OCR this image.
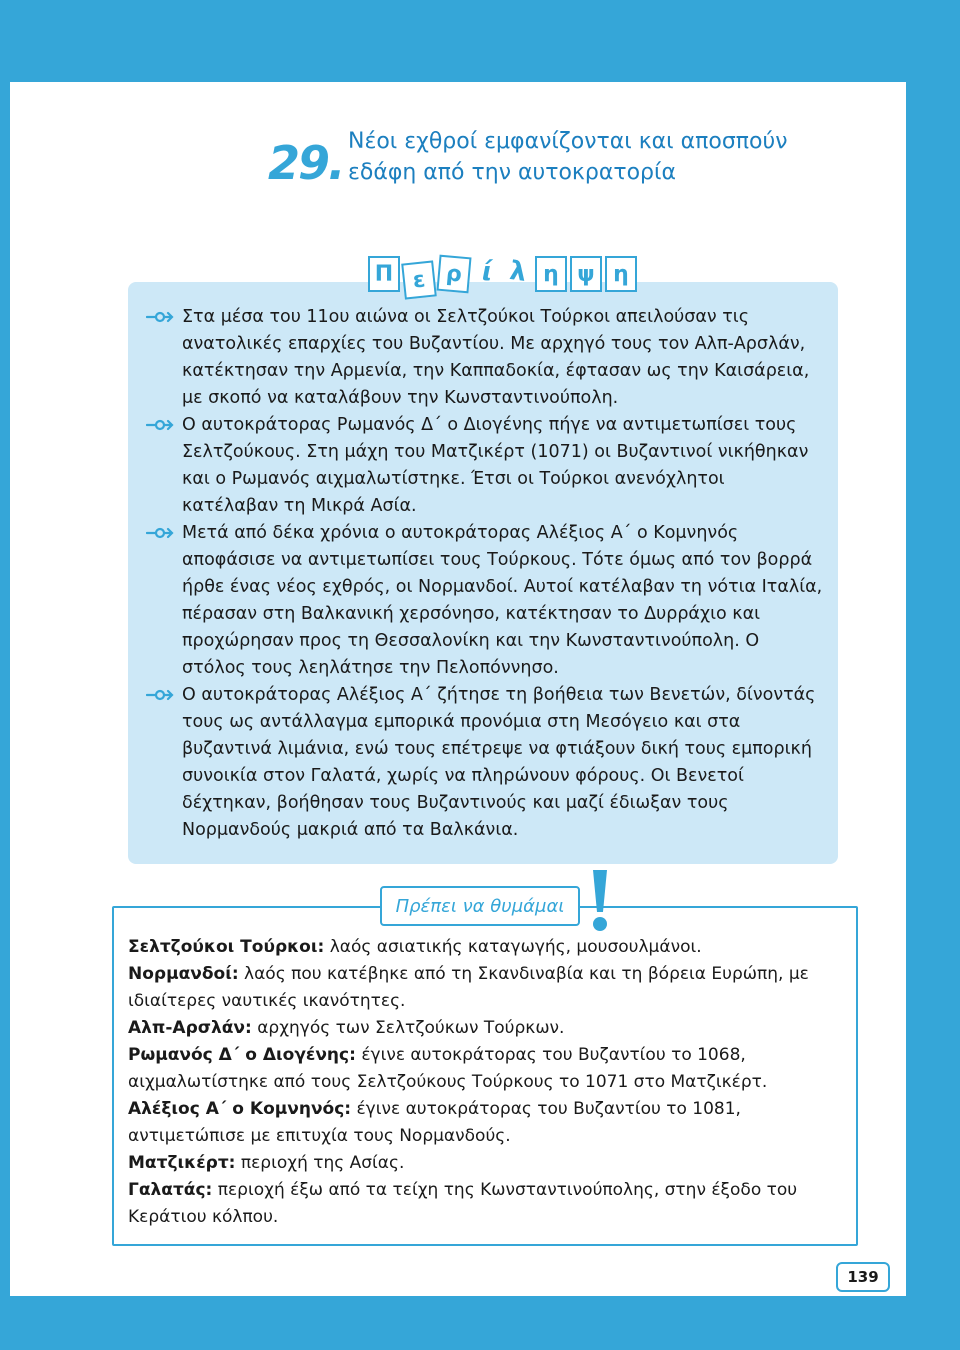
29. Νέοι εχθροί εμφανίζονται και αποσπούν
εδάφη από την αυτοκρατορία
Π ε ρ ί λ η ψ η
Στα μέσα του 11ου αιώνα οι Σελτζούκοι Τούρκοι απειλούσαν τις ανατολικές επαρχίες του Βυζαντίου. Με αρχηγό τους τον Αλπ-Αρσλάν, κατέκτησαν την Αρμενία, την Καππαδοκία, έφτασαν ως την Καισάρεια, με σκοπό να καταλάβουν την Κωνσταντινούπολη.
Ο αυτοκράτορας Ρωμανός Δ΄ ο Διογένης πήγε να αντιμετωπίσει τους Σελτζούκους. Στη μάχη του Ματζικέρτ (1071) οι Βυζαντινοί νικήθηκαν και ο Ρωμανός αιχμαλωτίστηκε. Έτσι οι Τούρκοι ανενόχλητοι κατέλαβαν τη Μικρά Ασία.
Μετά από δέκα χρόνια ο αυτοκράτορας Αλέξιος Α΄ ο Κομνηνός αποφάσισε να αντιμετωπίσει τους Τούρκους. Τότε όμως από τον βορρά ήρθε ένας νέος εχθρός, οι Νορμανδοί. Αυτοί κατέλαβαν τη νότια Ιταλία, πέρασαν στη Βαλκανική χερσόνησο, κατέκτησαν το Δυρράχιο και προχώρησαν προς τη Θεσσαλονίκη και την Κωνσταντινούπολη. Ο στόλος τους λεηλάτησε την Πελοπόννησο.
Ο αυτοκράτορας Αλέξιος Α΄ ζήτησε τη βοήθεια των Βενετών, δίνοντάς τους ως αντάλλαγμα εμπορικά προνόμια στη Μεσόγειο και στα βυζαντινά λιμάνια, ενώ τους επέτρεψε να φτιάξουν δική τους εμπορική συνοικία στον Γαλατά, χωρίς να πληρώνουν φόρους. Οι Βενετοί δέχτηκαν, βοήθησαν τους Βυζαντινούς και μαζί έδιωξαν τους Νορμανδούς μακριά από τα Βαλκάνια.
Πρέπει να θυμάμαι
Σελτζούκοι Τούρκοι: λαός ασιατικής καταγωγής, μουσουλμάνοι.
Νορμανδοί: λαός που κατέβηκε από τη Σκανδιναβία και τη βόρεια Ευρώπη, με ιδιαίτερες ναυτικές ικανότητες.
Αλπ-Αρσλάν: αρχηγός των Σελτζούκων Τούρκων.
Ρωμανός Δ΄ ο Διογένης: έγινε αυτοκράτορας του Βυζαντίου το 1068, αιχμαλωτίστηκε από τους Σελτζούκους Τούρκους το 1071 στο Ματζικέρτ.
Αλέξιος Α΄ ο Κομνηνός: έγινε αυτοκράτορας του Βυζαντίου το 1081, αντιμετώπισε με επιτυχία τους Νορμανδούς.
Ματζικέρτ: περιοχή της Ασίας.
Γαλατάς: περιοχή έξω από τα τείχη της Κωνσταντινούπολης, στην έξοδο του Κεράτιου κόλπου.
139
